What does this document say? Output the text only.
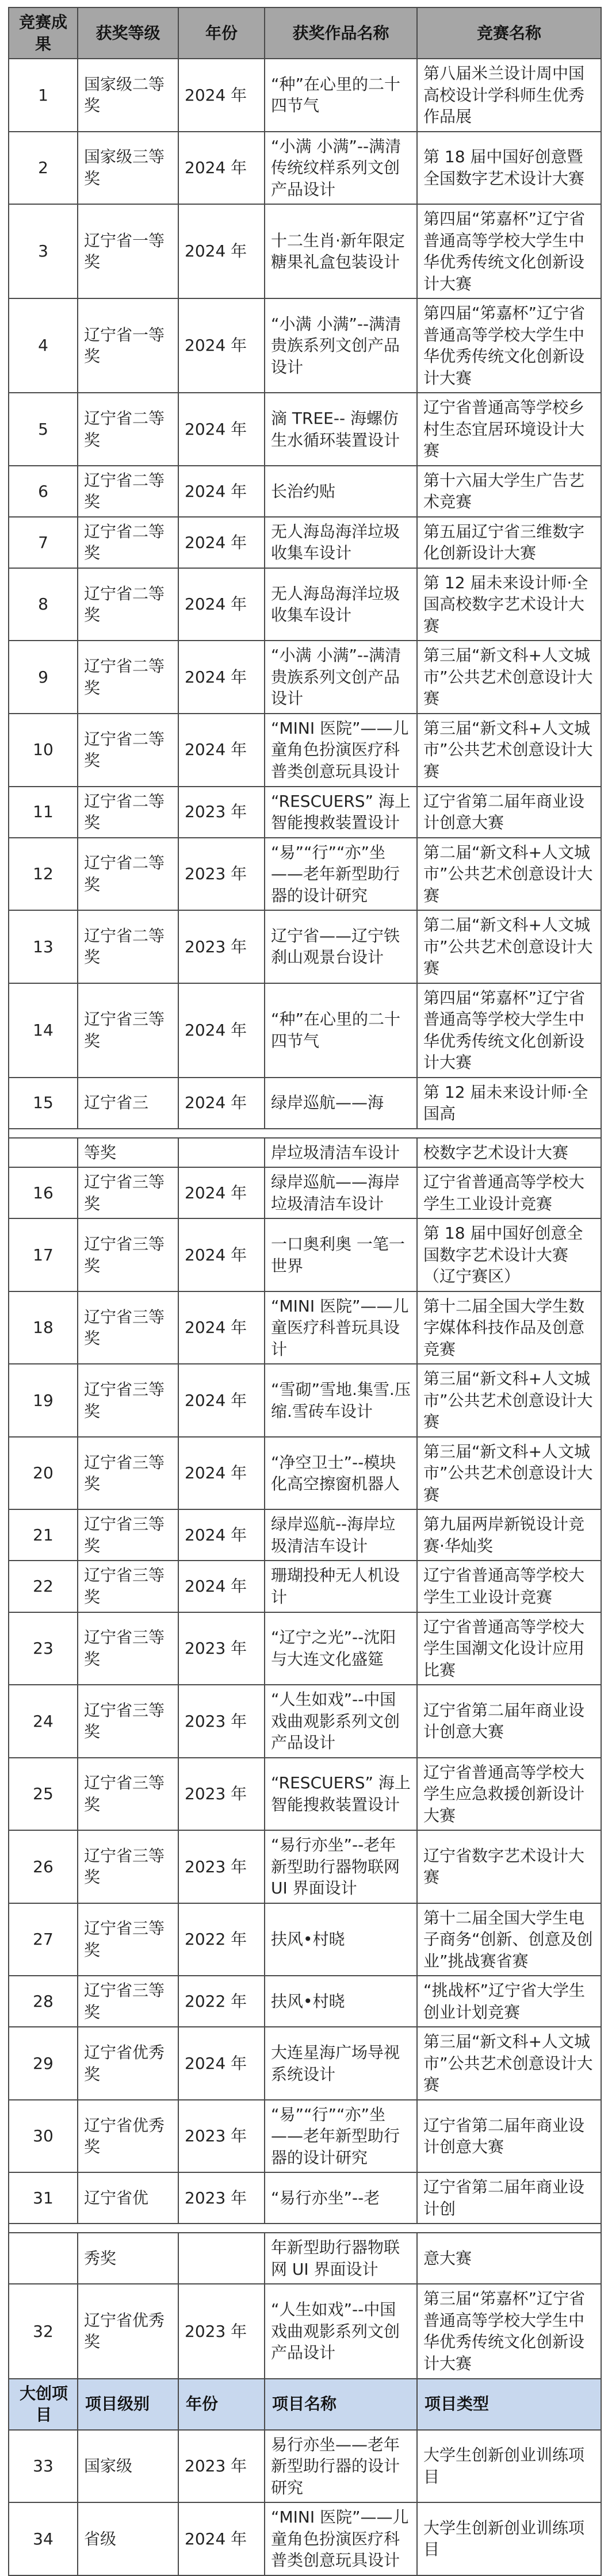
竞赛成果	获奖等级	年份	获奖作品名称	竞赛名称
1	国家级二等奖	2024 年	“种”在心里的二十四节气	第八届米兰设计周中国高校设计学科师生优秀作品展
2	国家级三等奖	2024 年	“小满 小满”--满清传统纹样系列文创产品设计	第 18 届中国好创意暨全国数字艺术设计大赛
3	辽宁省一等奖	2024 年	十二生肖·新年限定糖果礼盒包装设计	第四届“笫嘉杯”辽宁省普通高等学校大学生中华优秀传统文化创新设计大赛
4	辽宁省一等奖	2024 年	“小满 小满”--满清贵族系列文创产品设计	第四届“笫嘉杯”辽宁省普通高等学校大学生中华优秀传统文化创新设计大赛
5	辽宁省二等奖	2024 年	滴 TREE-- 海螺仿生水循环装置设计	辽宁省普通高等学校乡村生态宜居环境设计大赛
6	辽宁省二等奖	2024 年	长治约贴	第十六届大学生广告艺术竞赛
7	辽宁省二等奖	2024 年	无人海岛海洋垃圾收集车设计	第五届辽宁省三维数字化创新设计大赛
8	辽宁省二等奖	2024 年	无人海岛海洋垃圾收集车设计	第 12 届未来设计师·全国高校数字艺术设计大赛
9	辽宁省二等奖	2024 年	“小满 小满”--满清贵族系列文创产品设计	第三届“新文科+人文城市”公共艺术创意设计大赛
10	辽宁省二等奖	2024 年	“MINI 医院”——儿童角色扮演医疗科普类创意玩具设计	第三届“新文科+人文城市”公共艺术创意设计大赛
11	辽宁省二等奖	2023 年	“RESCUERS” 海上智能搜救装置设计	辽宁省第二届年商业设计创意大赛
12	辽宁省二等奖	2023 年	“易”“行”“亦”坐——老年新型助行器的设计研究	第二届“新文科+人文城市”公共艺术创意设计大赛
13	辽宁省二等奖	2023 年	辽宁省——辽宁铁刹山观景台设计	第二届“新文科+人文城市”公共艺术创意设计大赛
14	辽宁省三等奖	2024 年	“种”在心里的二十四节气	第四届“笫嘉杯”辽宁省普通高等学校大学生中华优秀传统文化创新设计大赛
15	辽宁省三	2024 年	绿岸巡航——海	第 12 届未来设计师·全国高

	等奖		岸垃圾清洁车设计	校数字艺术设计大赛
16	辽宁省三等奖	2024 年	绿岸巡航——海岸垃圾清洁车设计	辽宁省普通高等学校大学生工业设计竞赛
17	辽宁省三等奖	2024 年	一口奥利奥 一笔一世界	第 18 届中国好创意全国数字艺术设计大赛（辽宁赛区）
18	辽宁省三等奖	2024 年	“MINI 医院”——儿童医疗科普玩具设计	第十二届全国大学生数字媒体科技作品及创意竞赛
19	辽宁省三等奖	2024 年	“雪砌”雪地.集雪.压缩.雪砖车设计	第三届“新文科+人文城市”公共艺术创意设计大赛
20	辽宁省三等奖	2024 年	“净空卫士”--模块化高空擦窗机器人	第三届“新文科+人文城市”公共艺术创意设计大赛
21	辽宁省三等奖	2024 年	绿岸巡航--海岸垃圾清洁车设计	第九届两岸新锐设计竞赛·华灿奖
22	辽宁省三等奖	2024 年	珊瑚投种无人机设计	辽宁省普通高等学校大学生工业设计竞赛
23	辽宁省三等奖	2023 年	“辽宁之光”--沈阳与大连文化盛筵	辽宁省普通高等学校大学生国潮文化设计应用比赛
24	辽宁省三等奖	2023 年	“人生如戏”--中国戏曲观影系列文创产品设计	辽宁省第二届年商业设计创意大赛
25	辽宁省三等奖	2023 年	“RESCUERS” 海上智能搜救装置设计	辽宁省普通高等学校大学生应急救援创新设计大赛
26	辽宁省三等奖	2023 年	“易行亦坐”--老年新型助行器物联网 UI 界面设计	辽宁省数字艺术设计大赛
27	辽宁省三等奖	2022 年	扶风•村晓	第十二届全国大学生电子商务“创新、创意及创业”挑战赛省赛
28	辽宁省三等奖	2022 年	扶风•村晓	“挑战杯”辽宁省大学生创业计划竞赛
29	辽宁省优秀奖	2024 年	大连星海广场导视系统设计	第三届“新文科+人文城市”公共艺术创意设计大赛
30	辽宁省优秀奖	2023 年	“易”“行”“亦”坐——老年新型助行器的设计研究	辽宁省第二届年商业设计创意大赛
31	辽宁省优	2023 年	“易行亦坐”--老	辽宁省第二届年商业设计创

	秀奖		年新型助行器物联网 UI 界面设计	意大赛
32	辽宁省优秀奖	2023 年	“人生如戏”--中国戏曲观影系列文创产品设计	第三届“笫嘉杯”辽宁省普通高等学校大学生中华优秀传统文化创新设计大赛
大创项目	项目级别	年份	项目名称	项目类型
33	国家级	2023 年	易行亦坐——老年新型助行器的设计研究	大学生创新创业训练项目
34	省级	2024 年	“MINI 医院”——儿童角色扮演医疗科普类创意玩具设计	大学生创新创业训练项目
